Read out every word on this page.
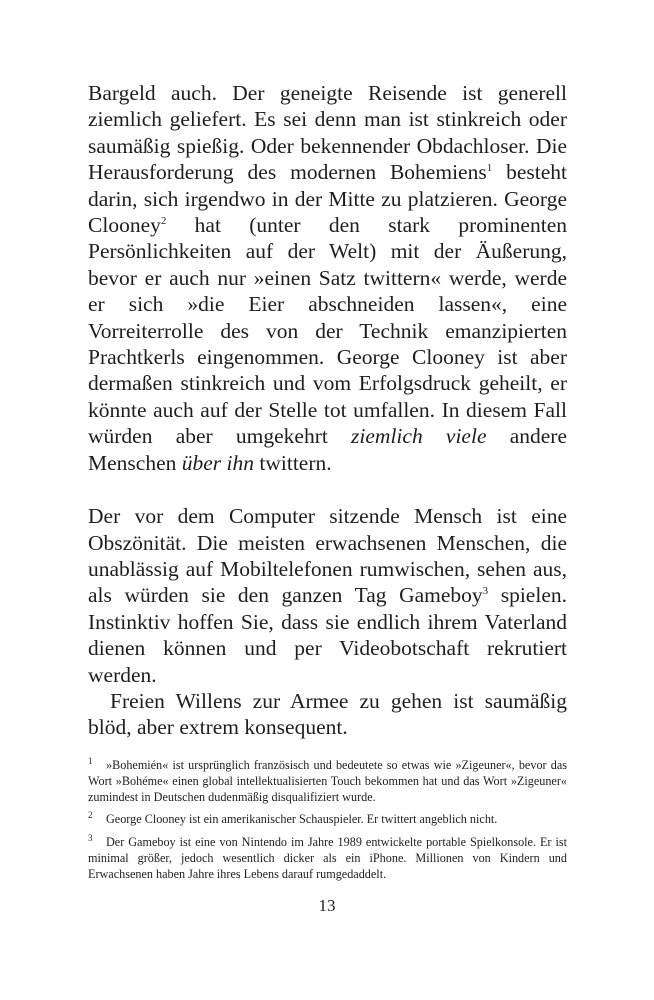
Bargeld auch. Der geneigte Reisende ist generell ziemlich geliefert. Es sei denn man ist stinkreich oder saumäßig spießig. Oder bekennender Obdachloser. Die Herausforderung des modernen Bohemiens$^1$ besteht darin, sich irgendwo in der Mitte zu platzieren. George Clooney$^2$ hat (unter den stark prominenten Persönlichkeiten auf der Welt) mit der Äußerung, bevor er auch nur »einen Satz twittern« werde, werde er sich »die Eier abschneiden lassen«, eine Vorreiterrolle des von der Technik emanzipierten Prachtkerls eingenommen. George Clooney ist aber dermaßen stinkreich und vom Erfolgsdruck geheilt, er könnte auch auf der Stelle tot umfallen. In diesem Fall würden aber umgekehrt ziemlich viele andere Menschen über ihn twittern.

Der vor dem Computer sitzende Mensch ist eine Obszönität. Die meisten erwachsenen Menschen, die unablässig auf Mobiltelefonen rumwischen, sehen aus, als würden sie den ganzen Tag Gameboy$^3$ spielen. Instinktiv hoffen Sie, dass sie endlich ihrem Vaterland dienen können und per Videobotschaft rekrutiert werden.

Freien Willens zur Armee zu gehen ist saumäßig blöd, aber extrem konsequent.

1 »Bohemién« ist ursprünglich französisch und bedeutete so etwas wie »Zigeuner«, bevor das Wort »Bohéme« einen global intellektualisierten Touch bekommen hat und das Wort »Zigeuner« zumindest in Deutschen dudenmäßig disqualifiziert wurde.

2 George Clooney ist ein amerikanischer Schauspieler. Er twittert angeblich nicht.

3 Der Gameboy ist eine von Nintendo im Jahre 1989 entwickelte portable Spielkonsole. Er ist minimal größer, jedoch wesentlich dicker als ein iPhone. Millionen von Kindern und Erwachsenen haben Jahre ihres Lebens darauf rumgedaddelt.

13
